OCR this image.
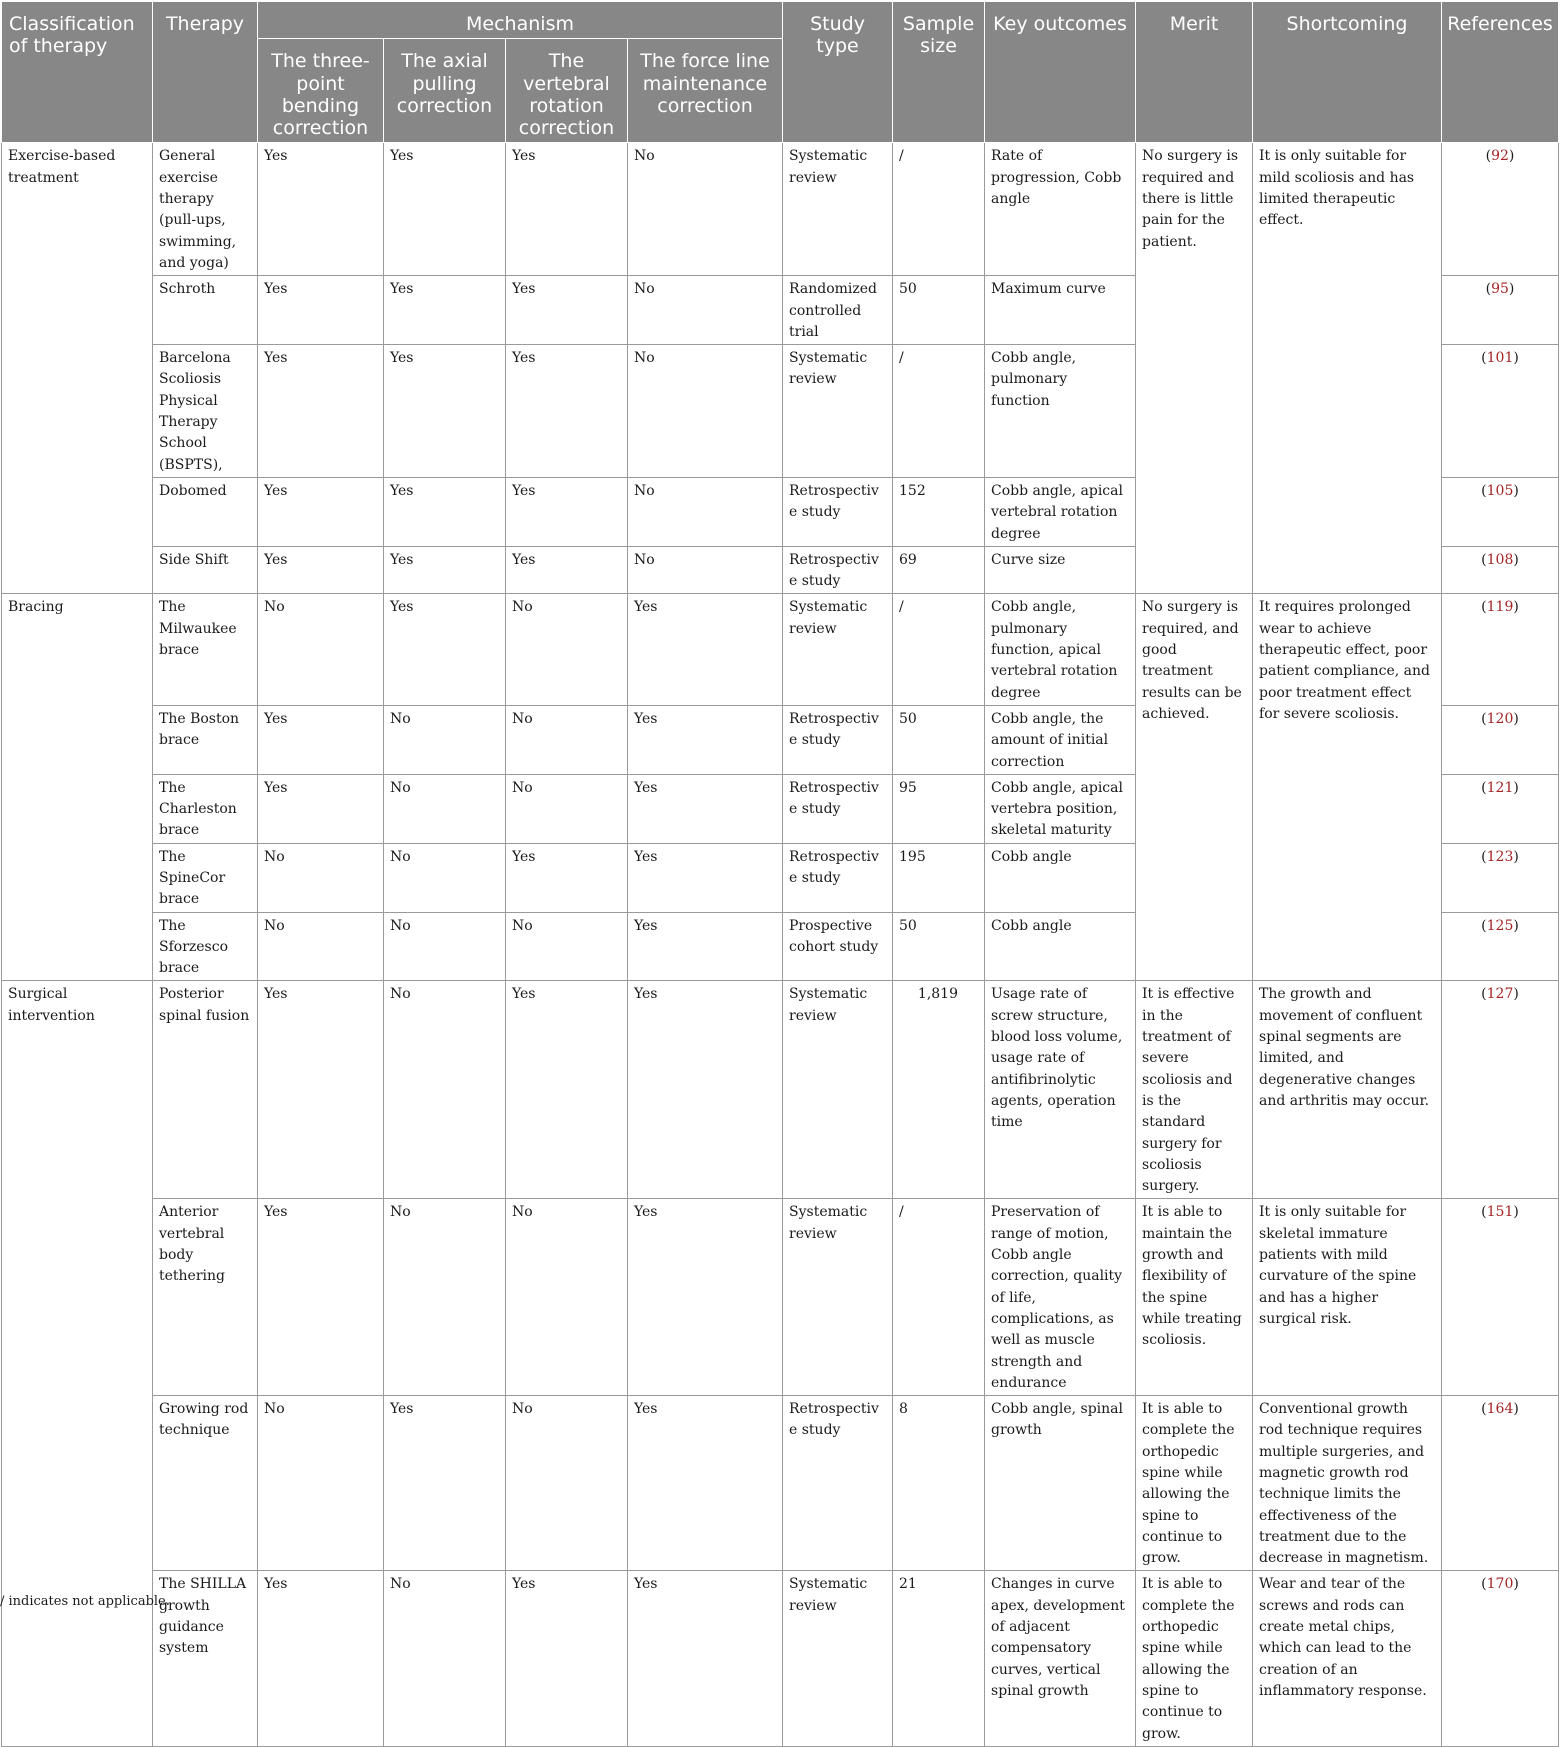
Classification of therapy	Therapy	Mechanism				Study type	Sample size	Key outcomes	Merit	Shortcoming	References
		The three-point bending correction	The axial pulling correction	The vertebral rotation correction	The force line maintenance correction						
Exercise-based treatment	General exercise therapy (pull-ups, swimming, and yoga)	Yes	Yes	Yes	No	Systematic review	/	Rate of progression, Cobb angle	No surgery is required and there is little pain for the patient.	It is only suitable for mild scoliosis and has limited therapeutic effect.	(92)
	Schroth	Yes	Yes	Yes	No	Randomized controlled trial	50	Maximum curve			(95)
	Barcelona Scoliosis Physical Therapy School (BSPTS),	Yes	Yes	Yes	No	Systematic review	/	Cobb angle, pulmonary function			(101)
	Dobomed	Yes	Yes	Yes	No	Retrospective study	152	Cobb angle, apical vertebral rotation degree			(105)
	Side Shift	Yes	Yes	Yes	No	Retrospective study	69	Curve size			(108)
Bracing	The Milwaukee brace	No	Yes	No	Yes	Systematic review	/	Cobb angle, pulmonary function, apical vertebral rotation degree	No surgery is required, and good treatment results can be achieved.	It requires prolonged wear to achieve therapeutic effect, poor patient compliance, and poor treatment effect for severe scoliosis.	(119)
	The Boston brace	Yes	No	No	Yes	Retrospective study	50	Cobb angle, the amount of initial correction			(120)
	The Charleston brace	Yes	No	No	Yes	Retrospective study	95	Cobb angle, apical vertebra position, skeletal maturity			(121)
	The SpineCor brace	No	No	Yes	Yes	Retrospective study	195	Cobb angle			(123)
	The Sforzesco brace	No	No	No	Yes	Prospective cohort study	50	Cobb angle			(125)
Surgical intervention	Posterior spinal fusion	Yes	No	Yes	Yes	Systematic review	1,819	Usage rate of screw structure, blood loss volume, usage rate of antifibrinolytic agents, operation time	It is effective in the treatment of severe scoliosis and is the standard surgery for scoliosis surgery.	The growth and movement of confluent spinal segments are limited, and degenerative changes and arthritis may occur.	(127)
	Anterior vertebral body tethering	Yes	No	No	Yes	Systematic review	/	Preservation of range of motion, Cobb angle correction, quality of life, complications, as well as muscle strength and endurance	It is able to maintain the growth and flexibility of the spine while treating scoliosis.	It is only suitable for skeletal immature patients with mild curvature of the spine and has a higher surgical risk.	(151)
	Growing rod technique	No	Yes	No	Yes	Retrospective study	8	Cobb angle, spinal growth	It is able to complete the orthopedic spine while allowing the spine to continue to grow.	Conventional growth rod technique requires multiple surgeries, and magnetic growth rod technique limits the effectiveness of the treatment due to the decrease in magnetism.	(164)
	The SHILLA growth guidance system	Yes	No	Yes	Yes	Systematic review	21	Changes in curve apex, development of adjacent compensatory curves, vertical spinal growth	It is able to complete the orthopedic spine while allowing the spine to continue to grow.	Wear and tear of the screws and rods can create metal chips, which can lead to the creation of an inflammatory response.	(170)
/ indicates not applicable.
